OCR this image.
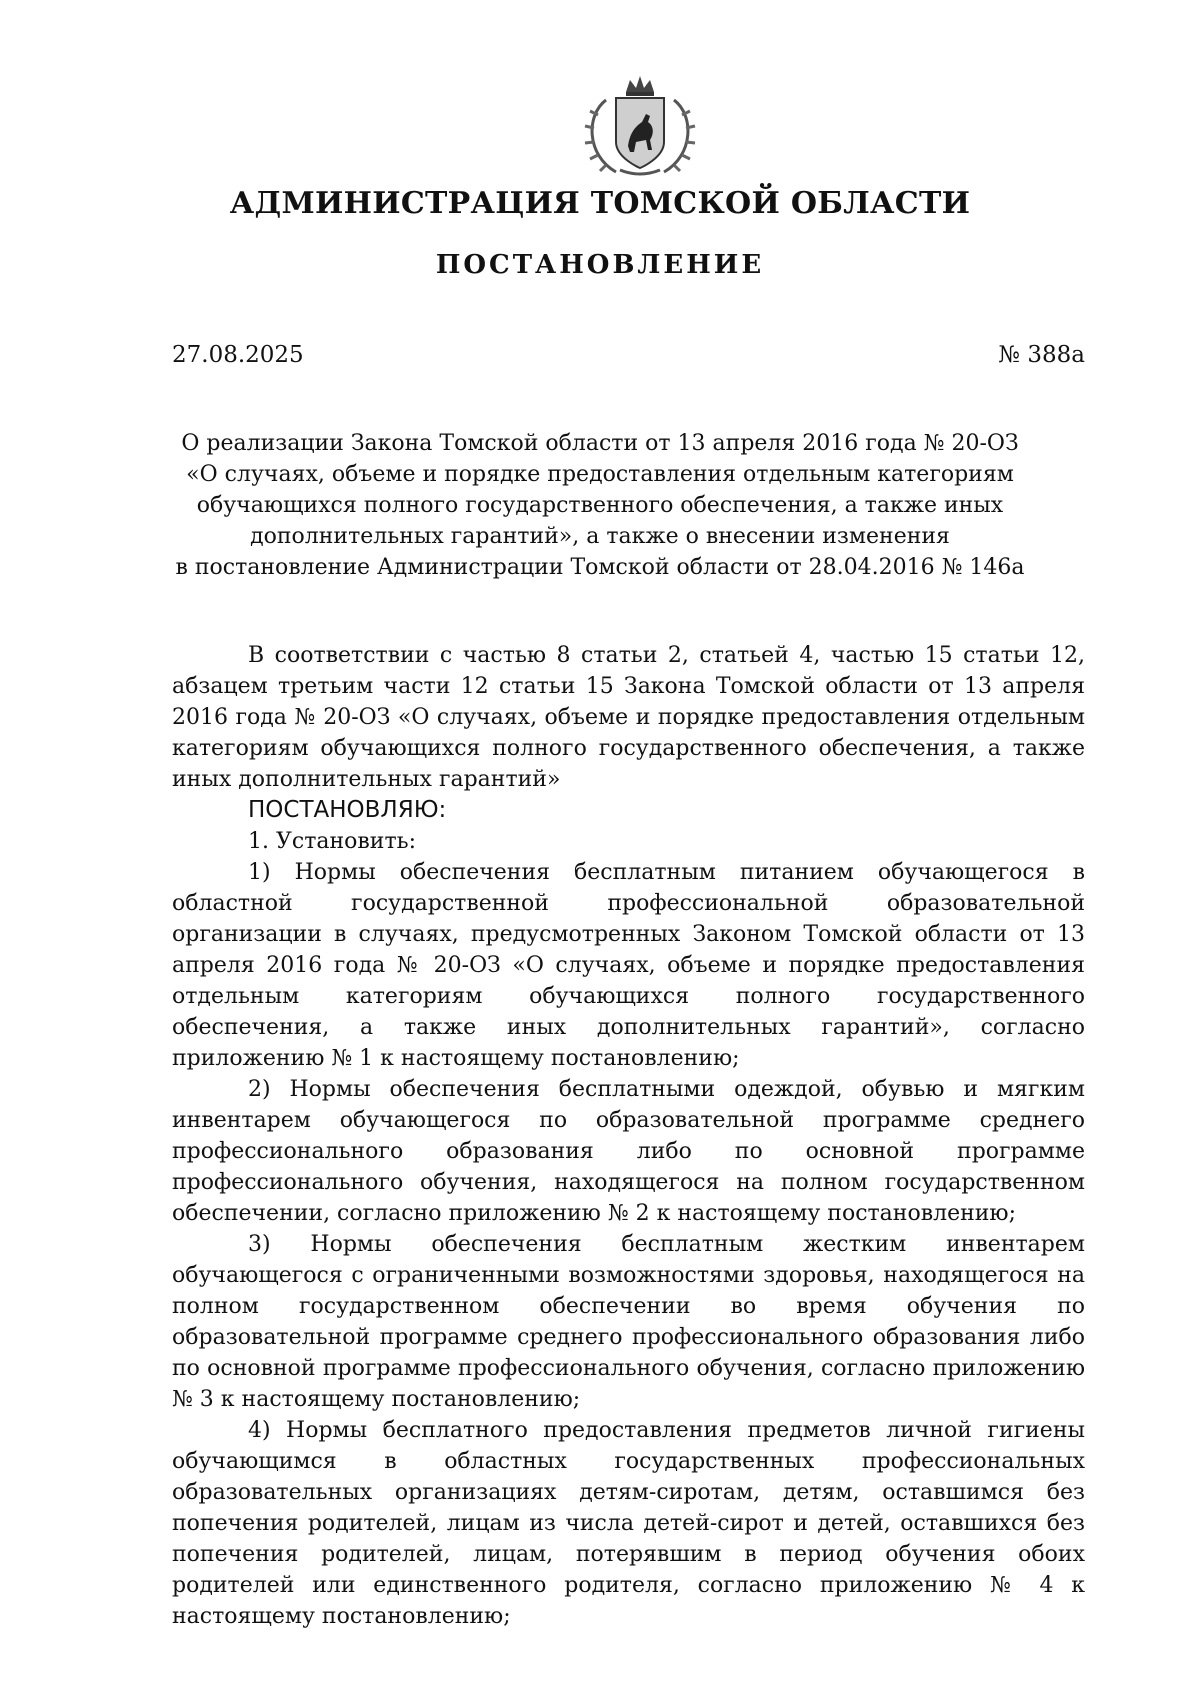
АДМИНИСТРАЦИЯ ТОМСКОЙ ОБЛАСТИ
ПОСТАНОВЛЕНИЕ
27.08.2025	№ 388а
О реализации Закона Томской области от 13 апреля 2016 года № 20-ОЗ
«О случаях, объеме и порядке предоставления отдельным категориям
обучающихся полного государственного обеспечения, а также иных
дополнительных гарантий», а также о внесении изменения
в постановление Администрации Томской области от 28.04.2016 № 146а

В соответствии с частью 8 статьи 2, статьей 4, частью 15 статьи 12, абзацем третьим части 12 статьи 15 Закона Томской области от 13 апреля 2016 года № 20-ОЗ «О случаях, объеме и порядке предоставления отдельным категориям обучающихся полного государственного обеспечения, а также иных дополнительных гарантий»

ПОСТАНОВЛЯЮ:

1. Установить:

1) Нормы обеспечения бесплатным питанием обучающегося в областной государственной профессиональной образовательной организации в случаях, предусмотренных Законом Томской области от 13 апреля 2016 года № 20-ОЗ «О случаях, объеме и порядке предоставления отдельным категориям обучающихся полного государственного обеспечения, а также иных дополнительных гарантий», согласно приложению № 1 к настоящему постановлению;

2) Нормы обеспечения бесплатными одеждой, обувью и мягким инвентарем обучающегося по образовательной программе среднего профессионального образования либо по основной программе профессионального обучения, находящегося на полном государственном обеспечении, согласно приложению № 2 к настоящему постановлению;

3) Нормы обеспечения бесплатным жестким инвентарем обучающегося с ограниченными возможностями здоровья, находящегося на полном государственном обеспечении во время обучения по образовательной программе среднего профессионального образования либо по основной программе профессионального обучения, согласно приложению № 3 к настоящему постановлению;

4) Нормы бесплатного предоставления предметов личной гигиены обучающимся в областных государственных профессиональных образовательных организациях детям-сиротам, детям, оставшимся без попечения родителей, лицам из числа детей-сирот и детей, оставшихся без попечения родителей, лицам, потерявшим в период обучения обоих родителей или единственного родителя, согласно приложению № 4 к настоящему постановлению;
